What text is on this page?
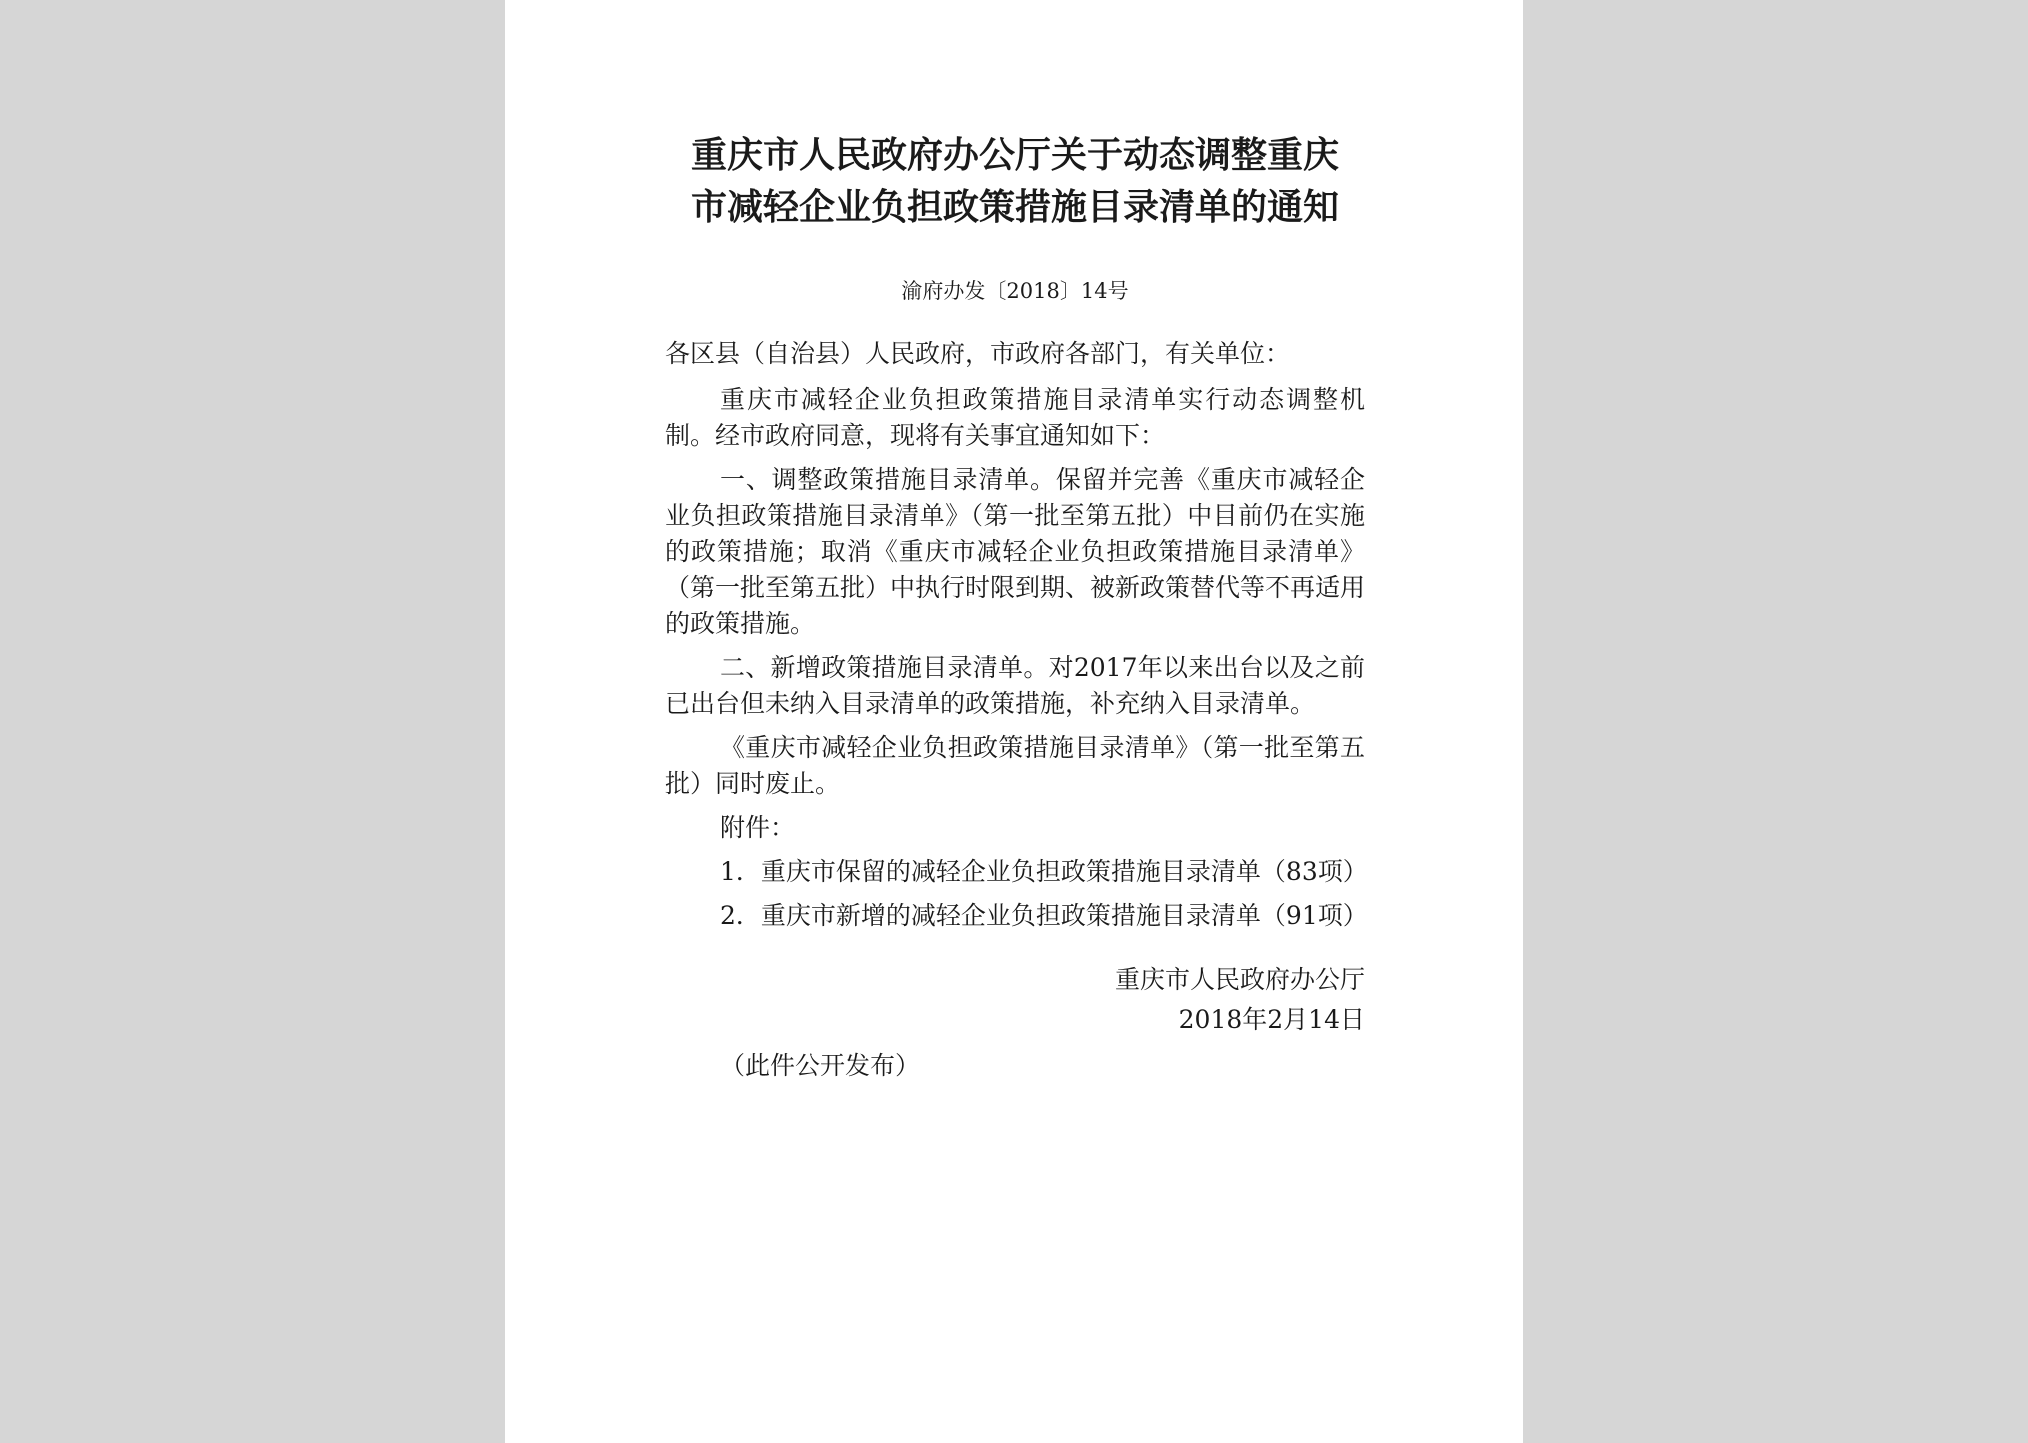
重庆市人民政府办公厅关于动态调整重庆
市减轻企业负担政策措施目录清单的通知
渝府办发〔2018〕14号

各区县（自治县）人民政府，市政府各部门，有关单位：

重庆市减轻企业负担政策措施目录清单实行动态调整机制。经市政府同意，现将有关事宜通知如下：

一、调整政策措施目录清单。保留并完善《重庆市减轻企业负担政策措施目录清单》（第一批至第五批）中目前仍在实施的政策措施；取消《重庆市减轻企业负担政策措施目录清单》（第一批至第五批）中执行时限到期、被新政策替代等不再适用的政策措施。

二、新增政策措施目录清单。对2017年以来出台以及之前已出台但未纳入目录清单的政策措施，补充纳入目录清单。

《重庆市减轻企业负担政策措施目录清单》（第一批至第五批）同时废止。

附件：

1．重庆市保留的减轻企业负担政策措施目录清单（83项）

2．重庆市新增的减轻企业负担政策措施目录清单（91项）

重庆市人民政府办公厅
2018年2月14日
（此件公开发布）
